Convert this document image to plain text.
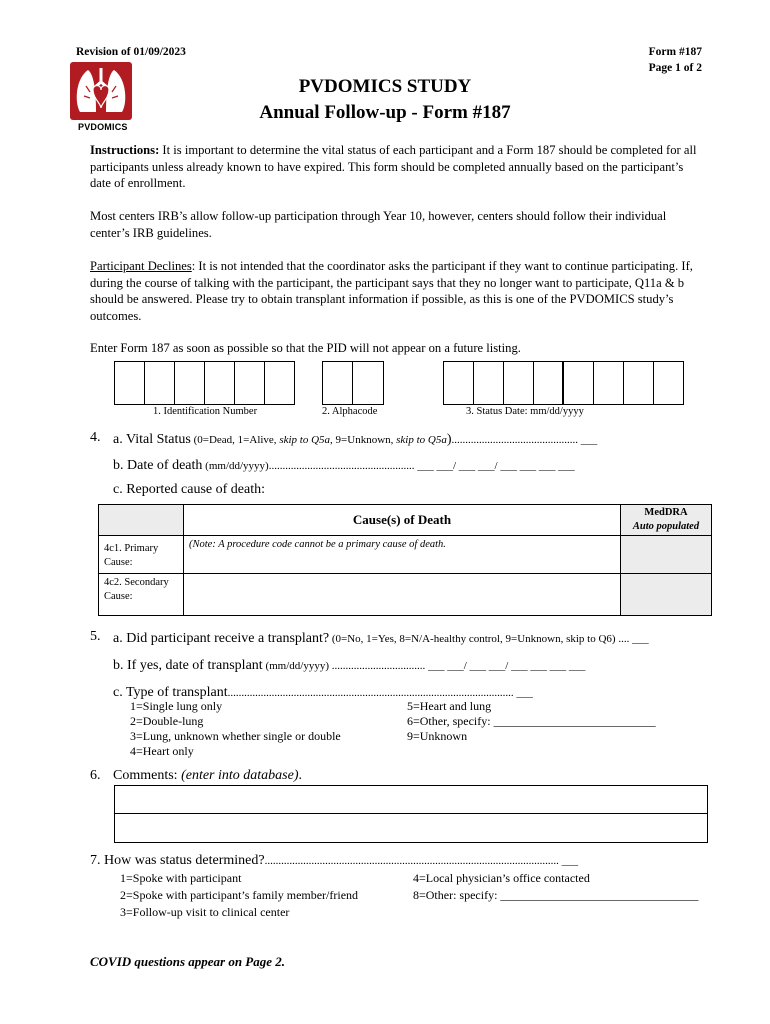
Revision of 01/09/2023	Form #187
Page 1 of 2
PVDOMICS
PVDOMICS STUDY
Annual Follow-up - Form #187
Instructions: It is important to determine the vital status of each participant and a Form 187 should be completed for all participants unless already known to have expired. This form should be completed annually based on the participant’s date of enrollment.
Most centers IRB’s allow follow-up participation through Year 10, however, centers should follow their individual center’s IRB guidelines.
Participant Declines: It is not intended that the coordinator asks the participant if they want to continue participating. If, during the course of talking with the participant, the participant says that they no longer want to participate, Q11a & b should be answered. Please try to obtain transplant information if possible, as this is one of the PVDOMICS study’s outcomes.
Enter Form 187 as soon as possible so that the PID will not appear on a future listing.
1. Identification Number	2. Alphacode	3. Status Date: mm/dd/yyyy
4. a. Vital Status (0=Dead, 1=Alive, skip to Q5a, 9=Unknown, skip to Q5a).............................................. ___
b. Date of death (mm/dd/yyyy)..................................................... ___ ___/ ___ ___/ ___ ___ ___ ___
c. Reported cause of death:
	Cause(s) of Death	MedDRA
Auto populated

4c1. Primary Cause:	(Note: A procedure code cannot be a primary cause of death.	
4c2. Secondary Cause:		
5. a. Did participant receive a transplant? (0=No, 1=Yes, 8=N/A-healthy control, 9=Unknown, skip to Q6) .... ___
b. If yes, date of transplant (mm/dd/yyyy) .................................. ___ ___/ ___ ___/ ___ ___ ___ ___
c. Type of transplant........................................................................................................ ___
1=Single lung only
2=Double-lung
3=Lung, unknown whether single or double
4=Heart only
5=Heart and lung
6=Other, specify: ___________________________
9=Unknown
6. Comments: (enter into database).
7. How was status determined?........................................................................................................... ___
1=Spoke with participant
2=Spoke with participant’s family member/friend
3=Follow-up visit to clinical center
4=Local physician’s office contacted
8=Other: specify: _________________________________
COVID questions appear on Page 2.
